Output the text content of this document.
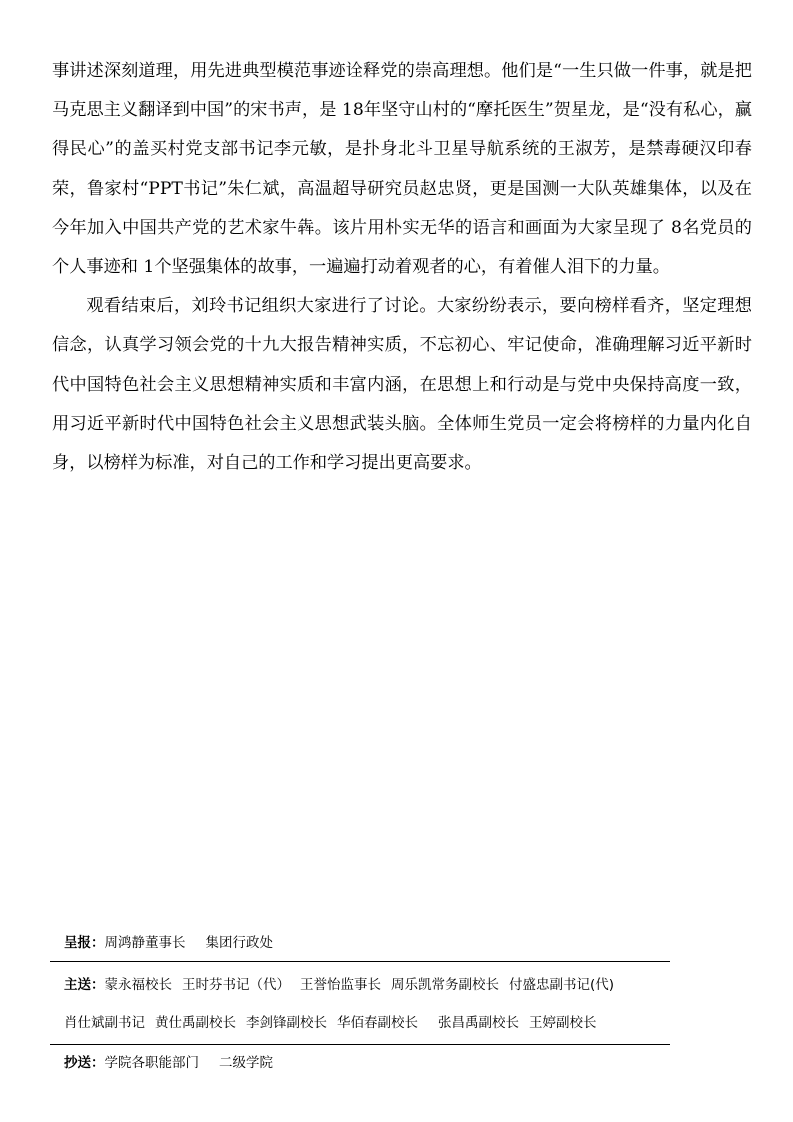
事讲述深刻道理，用先进典型模范事迹诠释党的崇高理想。他们是“一生只做一件事，就是把马克思主义翻译到中国”的宋书声，是 18年坚守山村的“摩托医生”贺星龙，是“没有私心，赢得民心”的盖买村党支部书记李元敏，是扑身北斗卫星导航系统的王淑芳，是禁毒硬汉印春荣，鲁家村“PPT书记”朱仁斌，高温超导研究员赵忠贤，更是国测一大队英雄集体，以及在今年加入中国共产党的艺术家牛犇。该片用朴实无华的语言和画面为大家呈现了 8名党员的个人事迹和 1个坚强集体的故事，一遍遍打动着观者的心，有着催人泪下的力量。

观看结束后，刘玲书记组织大家进行了讨论。大家纷纷表示，要向榜样看齐，坚定理想信念，认真学习领会党的十九大报告精神实质，不忘初心、牢记使命，准确理解习近平新时代中国特色社会主义思想精神实质和丰富内涵，在思想上和行动是与党中央保持高度一致，用习近平新时代中国特色社会主义思想武装头脑。全体师生党员一定会将榜样的力量内化自身，以榜样为标准，对自己的工作和学习提出更高要求。

呈报：周鸿静董事长 集团行政处
主送：蒙永福校长 王时芬书记（代） 王誉怡监事长 周乐凯常务副校长 付盛忠副书记(代)
肖仕斌副书记 黄仕禹副校长 李剑锋副校长 华佰春副校长 张昌禹副校长 王婷副校长
抄送：学院各职能部门 二级学院
